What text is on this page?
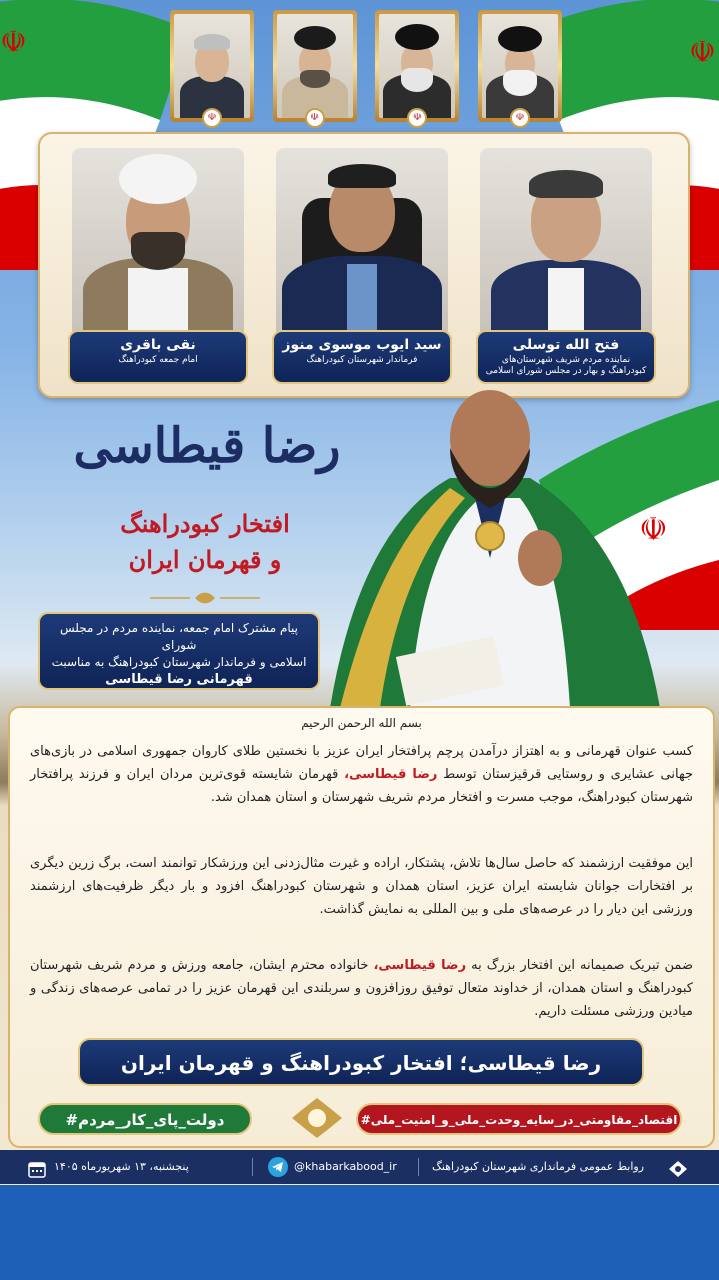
☫	☫
☫	☫	☫	☫
فتح الله توسلی
نماینده مردم شریف شهرستان‌های کبودراهنگ و بهار در مجلس شورای اسلامی
سید ایوب موسوی منوز
فرماندار شهرستان کبودراهنگ
نقی باقری
امام جمعه کبودراهنگ
☫
رضا قیطاسی
افتخار کبودراهنگ
و قهرمان ایران
پیام مشترک امام جمعه، نماینده مردم در مجلس شورای
اسلامی و فرماندار شهرستان کبودراهنگ به مناسبت
قهرمانی رضا قیطاسی
بسم الله الرحمن الرحیم
کسب عنوان قهرمانی و به اهتزاز درآمدن پرچم پرافتخار ایران عزیز با نخستین طلای کاروان جمهوری اسلامی در بازی‌های جهانی عشایری و روستایی قرقیزستان توسط رضا قیطاسی، قهرمان شایسته قوی‌ترین مردان ایران و فرزند پرافتخار شهرستان کبودراهنگ، موجب مسرت و افتخار مردم شریف شهرستان و استان همدان شد.
این موفقیت ارزشمند که حاصل سال‌ها تلاش، پشتکار، اراده و غیرت مثال‌زدنی این ورزشکار توانمند است، برگ زرین دیگری بر افتخارات جوانان شایسته ایران عزیز، استان همدان و شهرستان کبودراهنگ افزود و بار دیگر ظرفیت‌های ارزشمند ورزشی این دیار را در عرصه‌های ملی و بین المللی به نمایش گذاشت.
ضمن تبریک صمیمانه این افتخار بزرگ به رضا قیطاسی، خانواده محترم ایشان، جامعه ورزش و مردم شریف شهرستان کبودراهنگ و استان همدان، از خداوند متعال توفیق روزافزون و سربلندی این قهرمان عزیز را در تمامی عرصه‌های زندگی و میادین ورزشی مسئلت داریم.
رضا قیطاسی؛ افتخار کبودراهنگ و قهرمان ایران
#اقتصاد_مقاومتی_در_سایه_وحدت_ملی_و_امنیت_ملی
#دولت_پای_کار_مردم
پنجشنبه، ۱۳ شهریورماه ۱۴۰۵	@khabarkabood_ir	روابط عمومی فرمانداری شهرستان کبودراهنگ
